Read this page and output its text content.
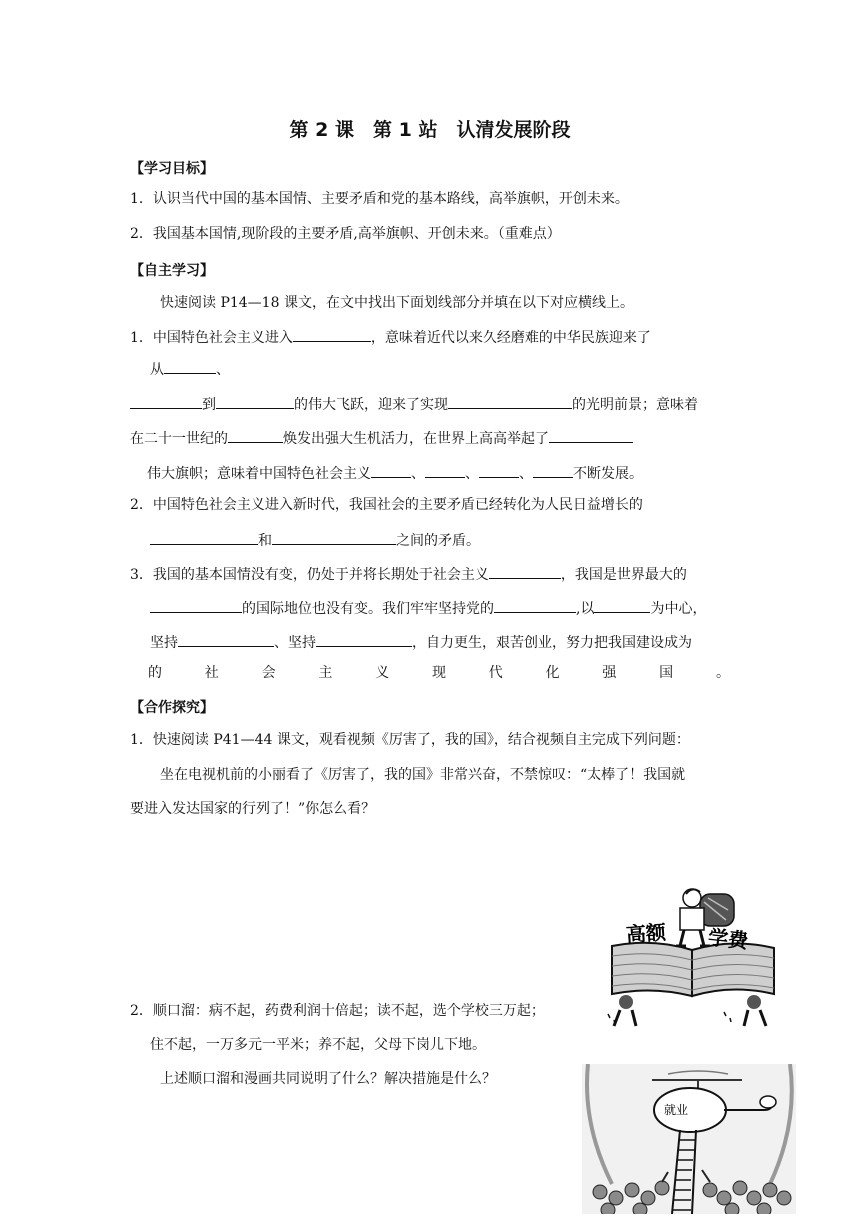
第 2 课　第 1 站　认清发展阶段
【学习目标】
1．认识当代中国的基本国情、主要矛盾和党的基本路线，高举旗帜，开创未来。
2．我国基本国情,现阶段的主要矛盾,高举旗帜、开创未来。（重难点）
【自主学习】
快速阅读 P14—18 课文，在文中找出下面划线部分并填在以下对应横线上。
1．中国特色社会主义进入	，意味着近代以来久经磨难的中华民族迎来了
从	、
到	的伟大飞跃，迎来了实现	的光明前景；意味着
在二十一世纪的	焕发出强大生机活力，在世界上高高举起了
伟大旗帜；意味着中国特色社会主义	、	、	、	不断发展。
2．中国特色社会主义进入新时代，我国社会的主要矛盾已经转化为人民日益增长的
和	之间的矛盾。
3．我国的基本国情没有变，仍处于并将长期处于社会主义	，我国是世界最大的
的国际地位也没有变。我们牢牢坚持党的	,以	为中心，
坚持	、坚持	，自力更生，艰苦创业，努力把我国建设成为
的	社	会	主	义	现	代	化	强	国	。
【合作探究】
1．快速阅读 P41—44 课文，观看视频《厉害了，我的国》，结合视频自主完成下列问题：
坐在电视机前的小丽看了《厉害了，我的国》非常兴奋，不禁惊叹：“太棒了！我国就
要进入发达国家的行列了！”你怎么看？
2．顺口溜：病不起，药费利润十倍起；读不起，选个学校三万起；
住不起，一万多元一平米；养不起，父母下岗儿下地。
上述顺口溜和漫画共同说明了什么？解决措施是什么？
高额 学费
就业
